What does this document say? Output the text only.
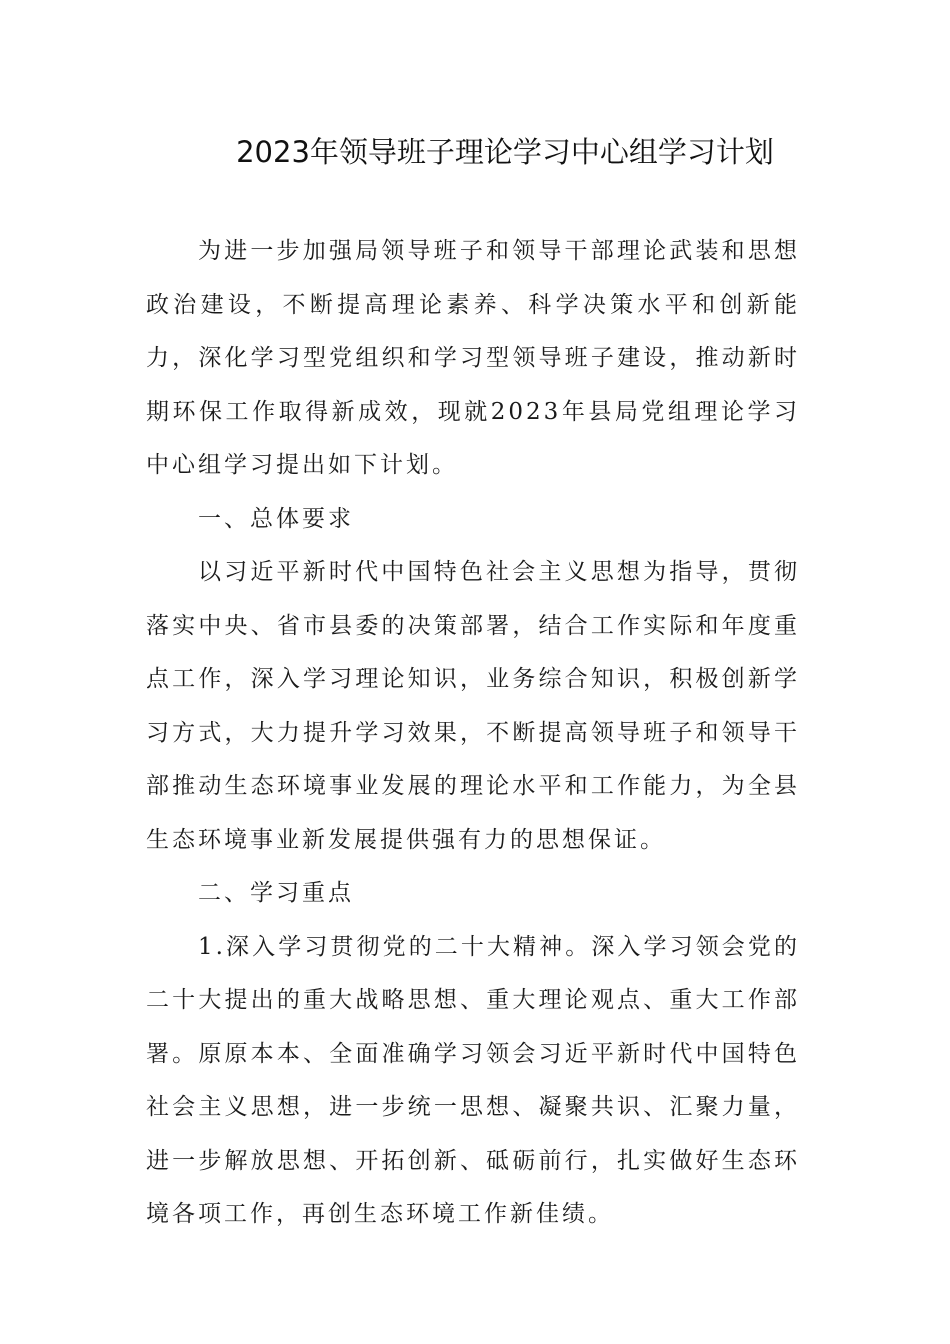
2023年领导班子理论学习中心组学习计划

为进一步加强局领导班子和领导干部理论武装和思想政治建设，不断提高理论素养、科学决策水平和创新能力，深化学习型党组织和学习型领导班子建设，推动新时期环保工作取得新成效，现就2023年县局党组理论学习中心组学习提出如下计划。

一、总体要求

以习近平新时代中国特色社会主义思想为指导，贯彻落实中央、省市县委的决策部署，结合工作实际和年度重点工作，深入学习理论知识，业务综合知识，积极创新学习方式，大力提升学习效果，不断提高领导班子和领导干部推动生态环境事业发展的理论水平和工作能力，为全县生态环境事业新发展提供强有力的思想保证。

二、学习重点

1.深入学习贯彻党的二十大精神。深入学习领会党的二十大提出的重大战略思想、重大理论观点、重大工作部署。原原本本、全面准确学习领会习近平新时代中国特色社会主义思想，进一步统一思想、凝聚共识、汇聚力量，进一步解放思想、开拓创新、砥砺前行，扎实做好生态环境各项工作，再创生态环境工作新佳绩。
